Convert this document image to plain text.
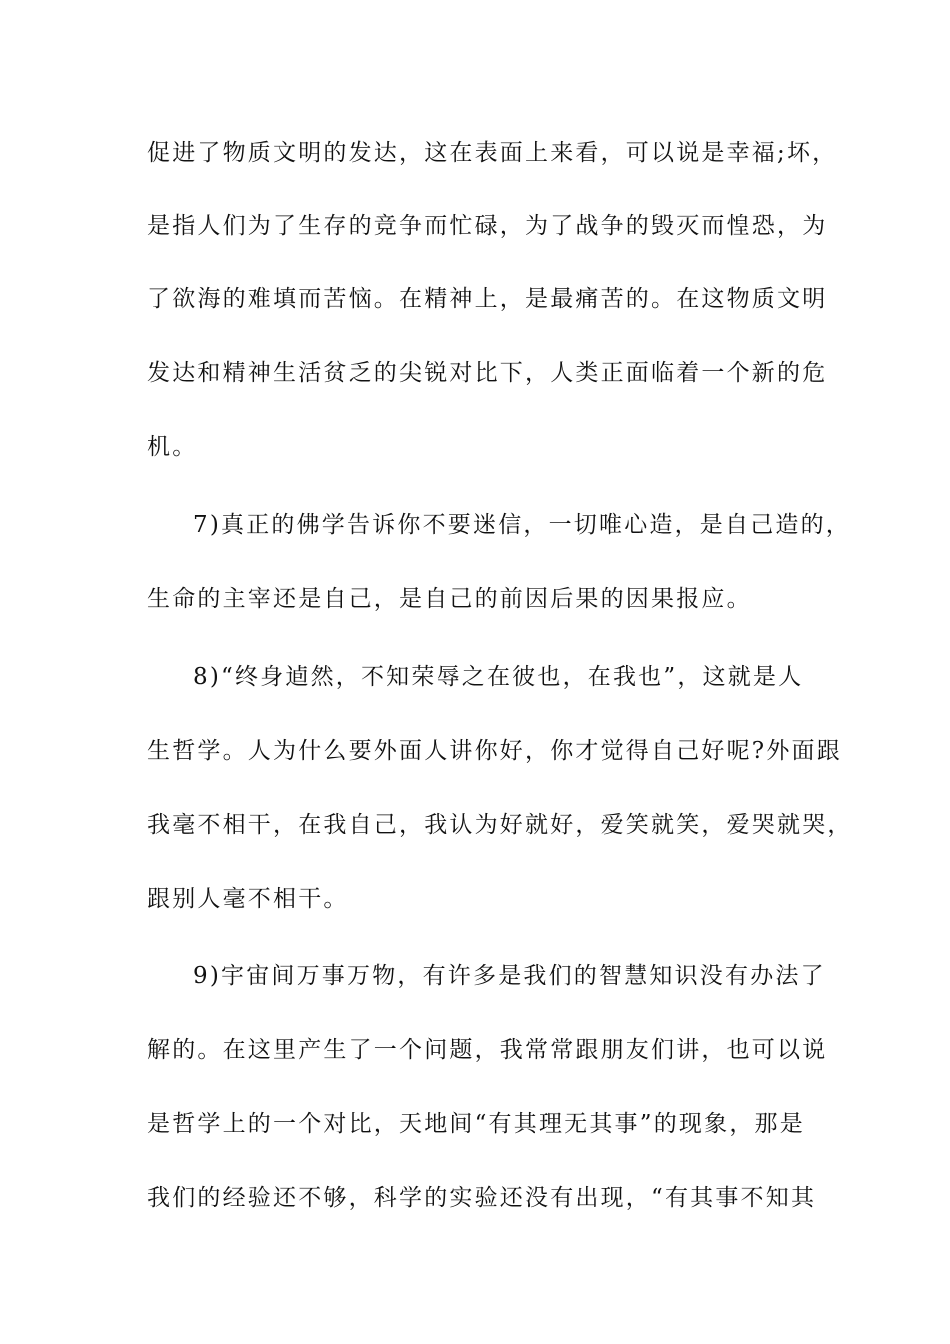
促进了物质文明的发达，这在表面上来看，可以说是幸福;坏，

是指人们为了生存的竞争而忙碌，为了战争的毁灭而惶恐，为

了欲海的难填而苦恼。在精神上，是最痛苦的。在这物质文明

发达和精神生活贫乏的尖锐对比下，人类正面临着一个新的危

机。

7)真正的佛学告诉你不要迷信，一切唯心造，是自己造的，

生命的主宰还是自己，是自己的前因后果的因果报应。

8)“终身逌然，不知荣辱之在彼也，在我也”，这就是人

生哲学。人为什么要外面人讲你好，你才觉得自己好呢?外面跟

我毫不相干，在我自己，我认为好就好，爱笑就笑，爱哭就哭，

跟别人毫不相干。

9)宇宙间万事万物，有许多是我们的智慧知识没有办法了

解的。在这里产生了一个问题，我常常跟朋友们讲，也可以说

是哲学上的一个对比，天地间“有其理无其事”的现象，那是

我们的经验还不够，科学的实验还没有出现，“有其事不知其
